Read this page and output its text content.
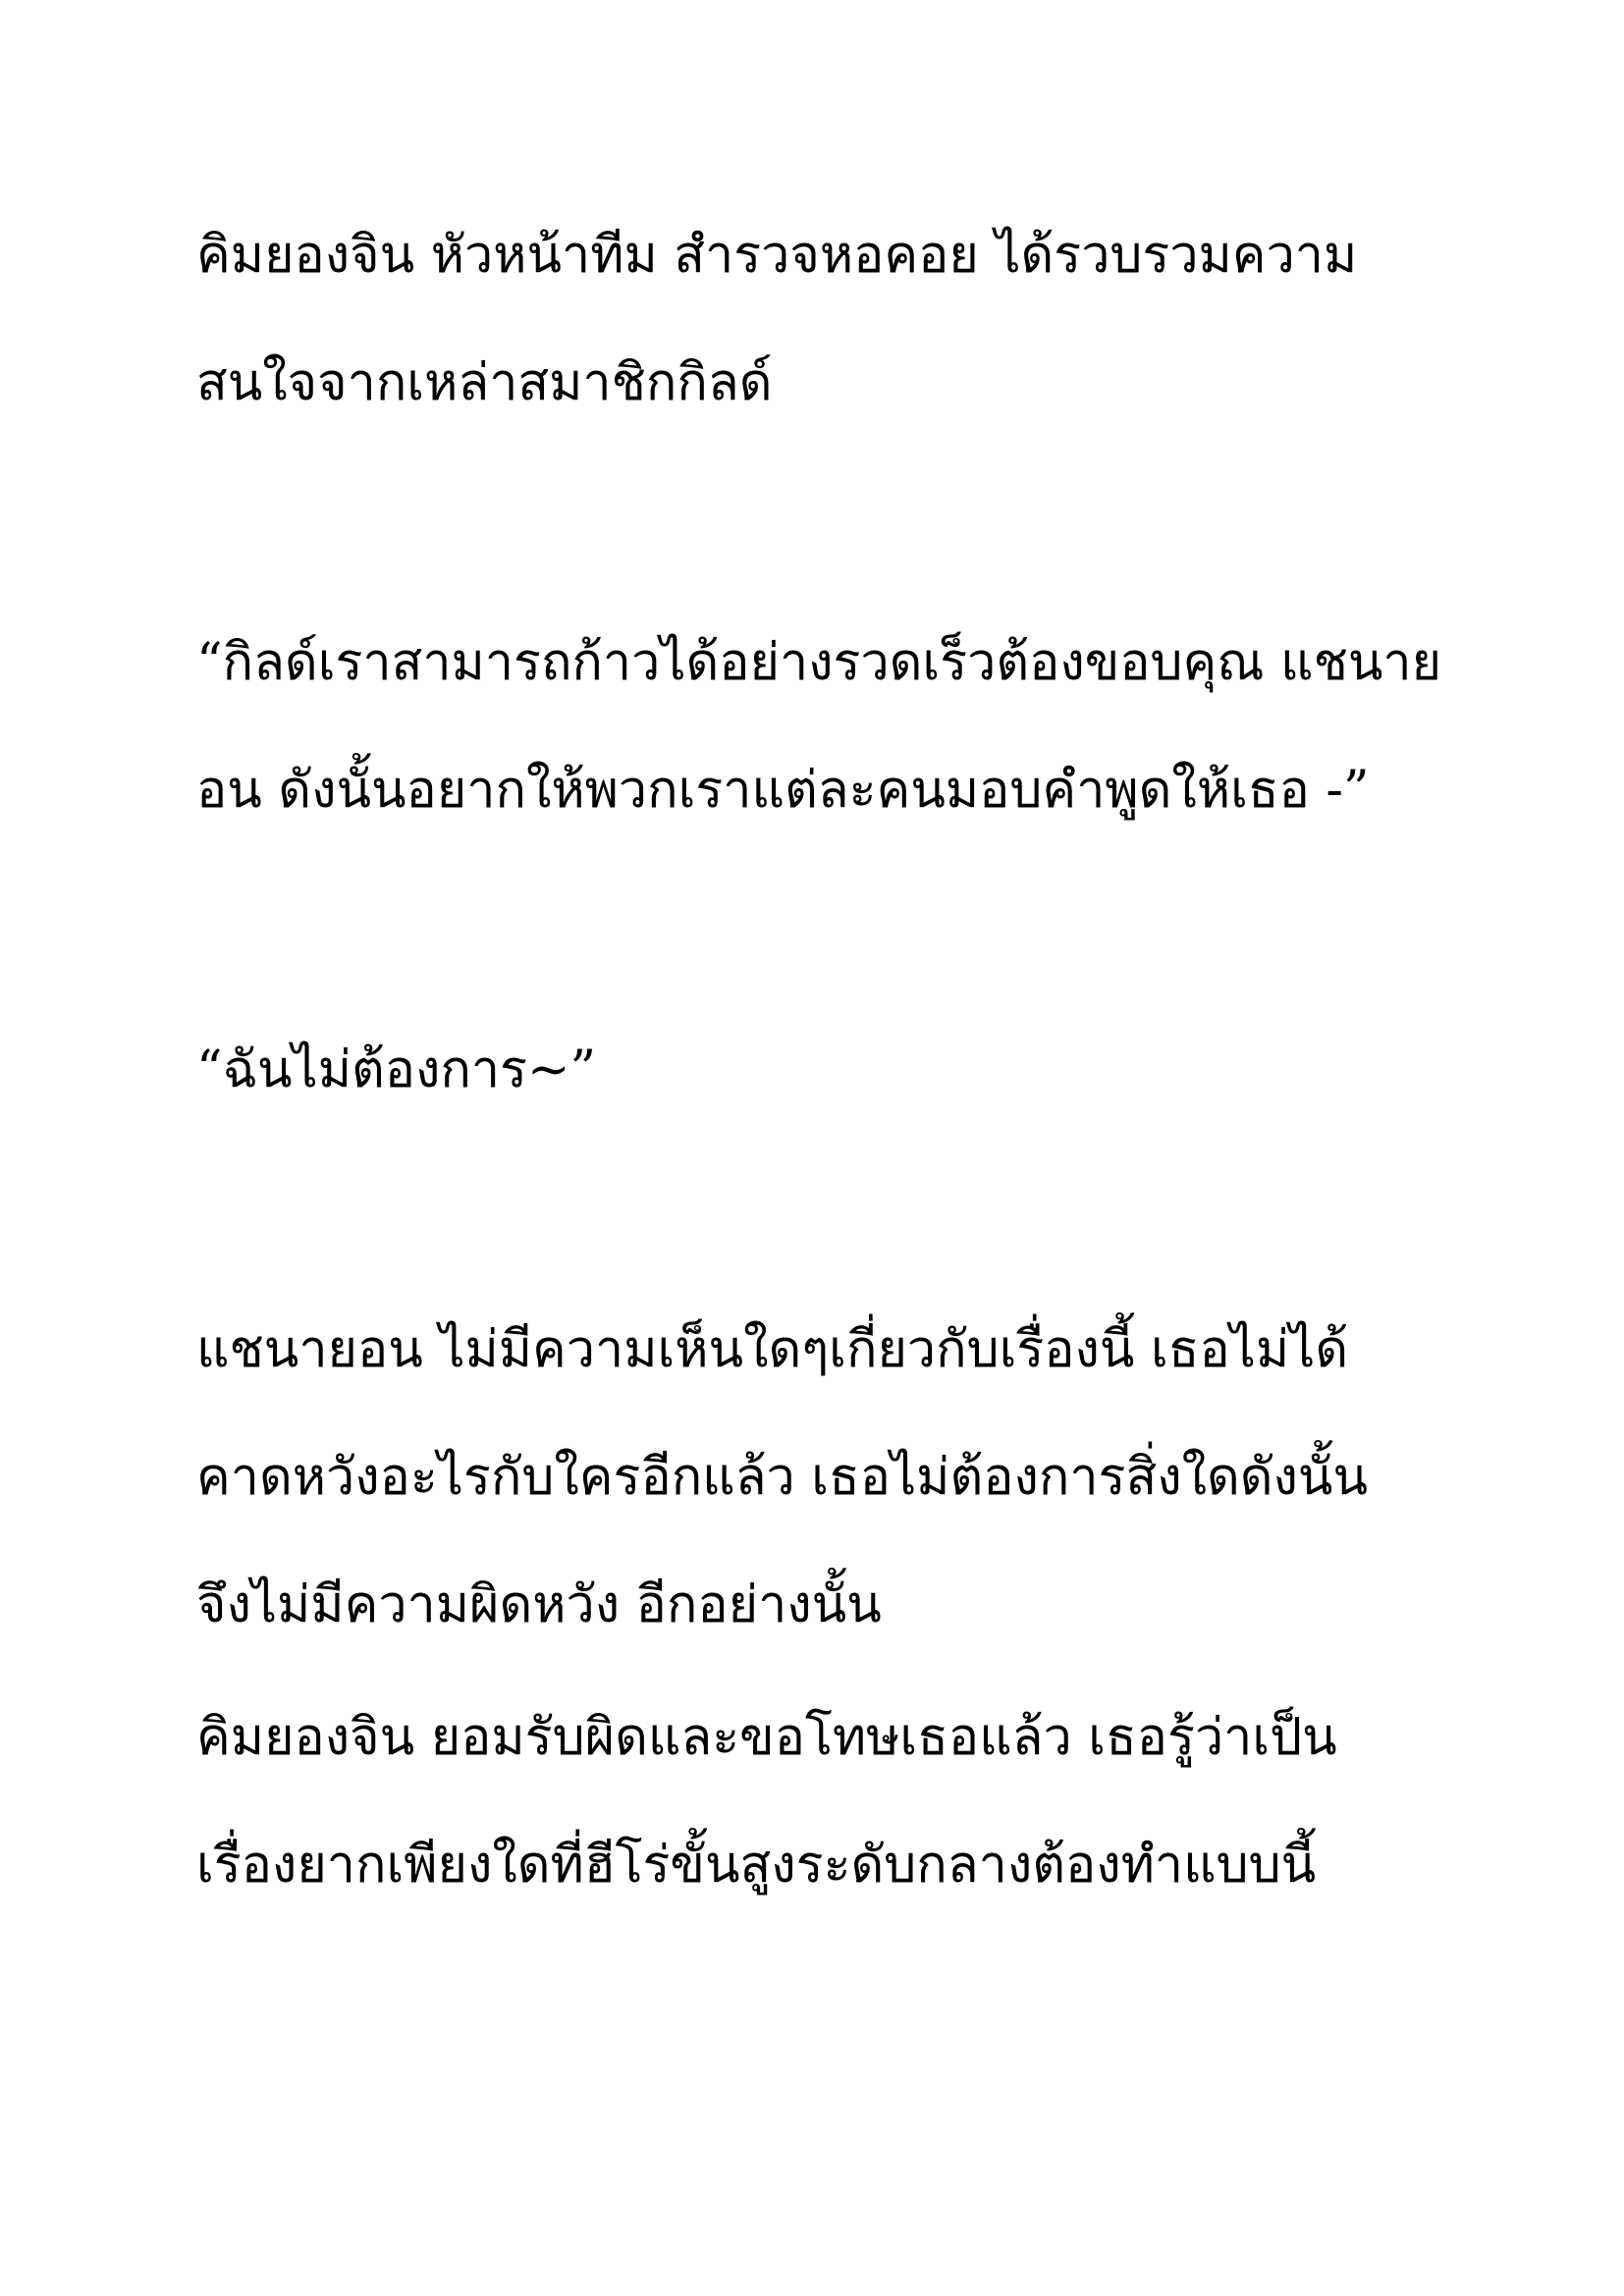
คิมยองจิน หัวหน้าทีม สำรวจหอคอย ได้รวบรวมความ
สนใจจากเหล่าสมาชิกกิลด์
“กิลด์เราสามารถก้าวได้อย่างรวดเร็วต้องขอบคุณ แชนาย
อน ดังนั้นอยากให้พวกเราแต่ละคนมอบคำพูดให้เธอ -”
“ฉันไม่ต้องการ~”
แชนายอน ไม่มีความเห็นใดๆเกี่ยวกับเรื่องนี้ เธอไม่ได้
คาดหวังอะไรกับใครอีกแล้ว เธอไม่ต้องการสิ่งใดดังนั้น
จึงไม่มีความผิดหวัง อีกอย่างนั้น
คิมยองจิน ยอมรับผิดและขอโทษเธอแล้ว เธอรู้ว่าเป็น
เรื่องยากเพียงใดที่ฮีโร่ขั้นสูงระดับกลางต้องทำแบบนี้
